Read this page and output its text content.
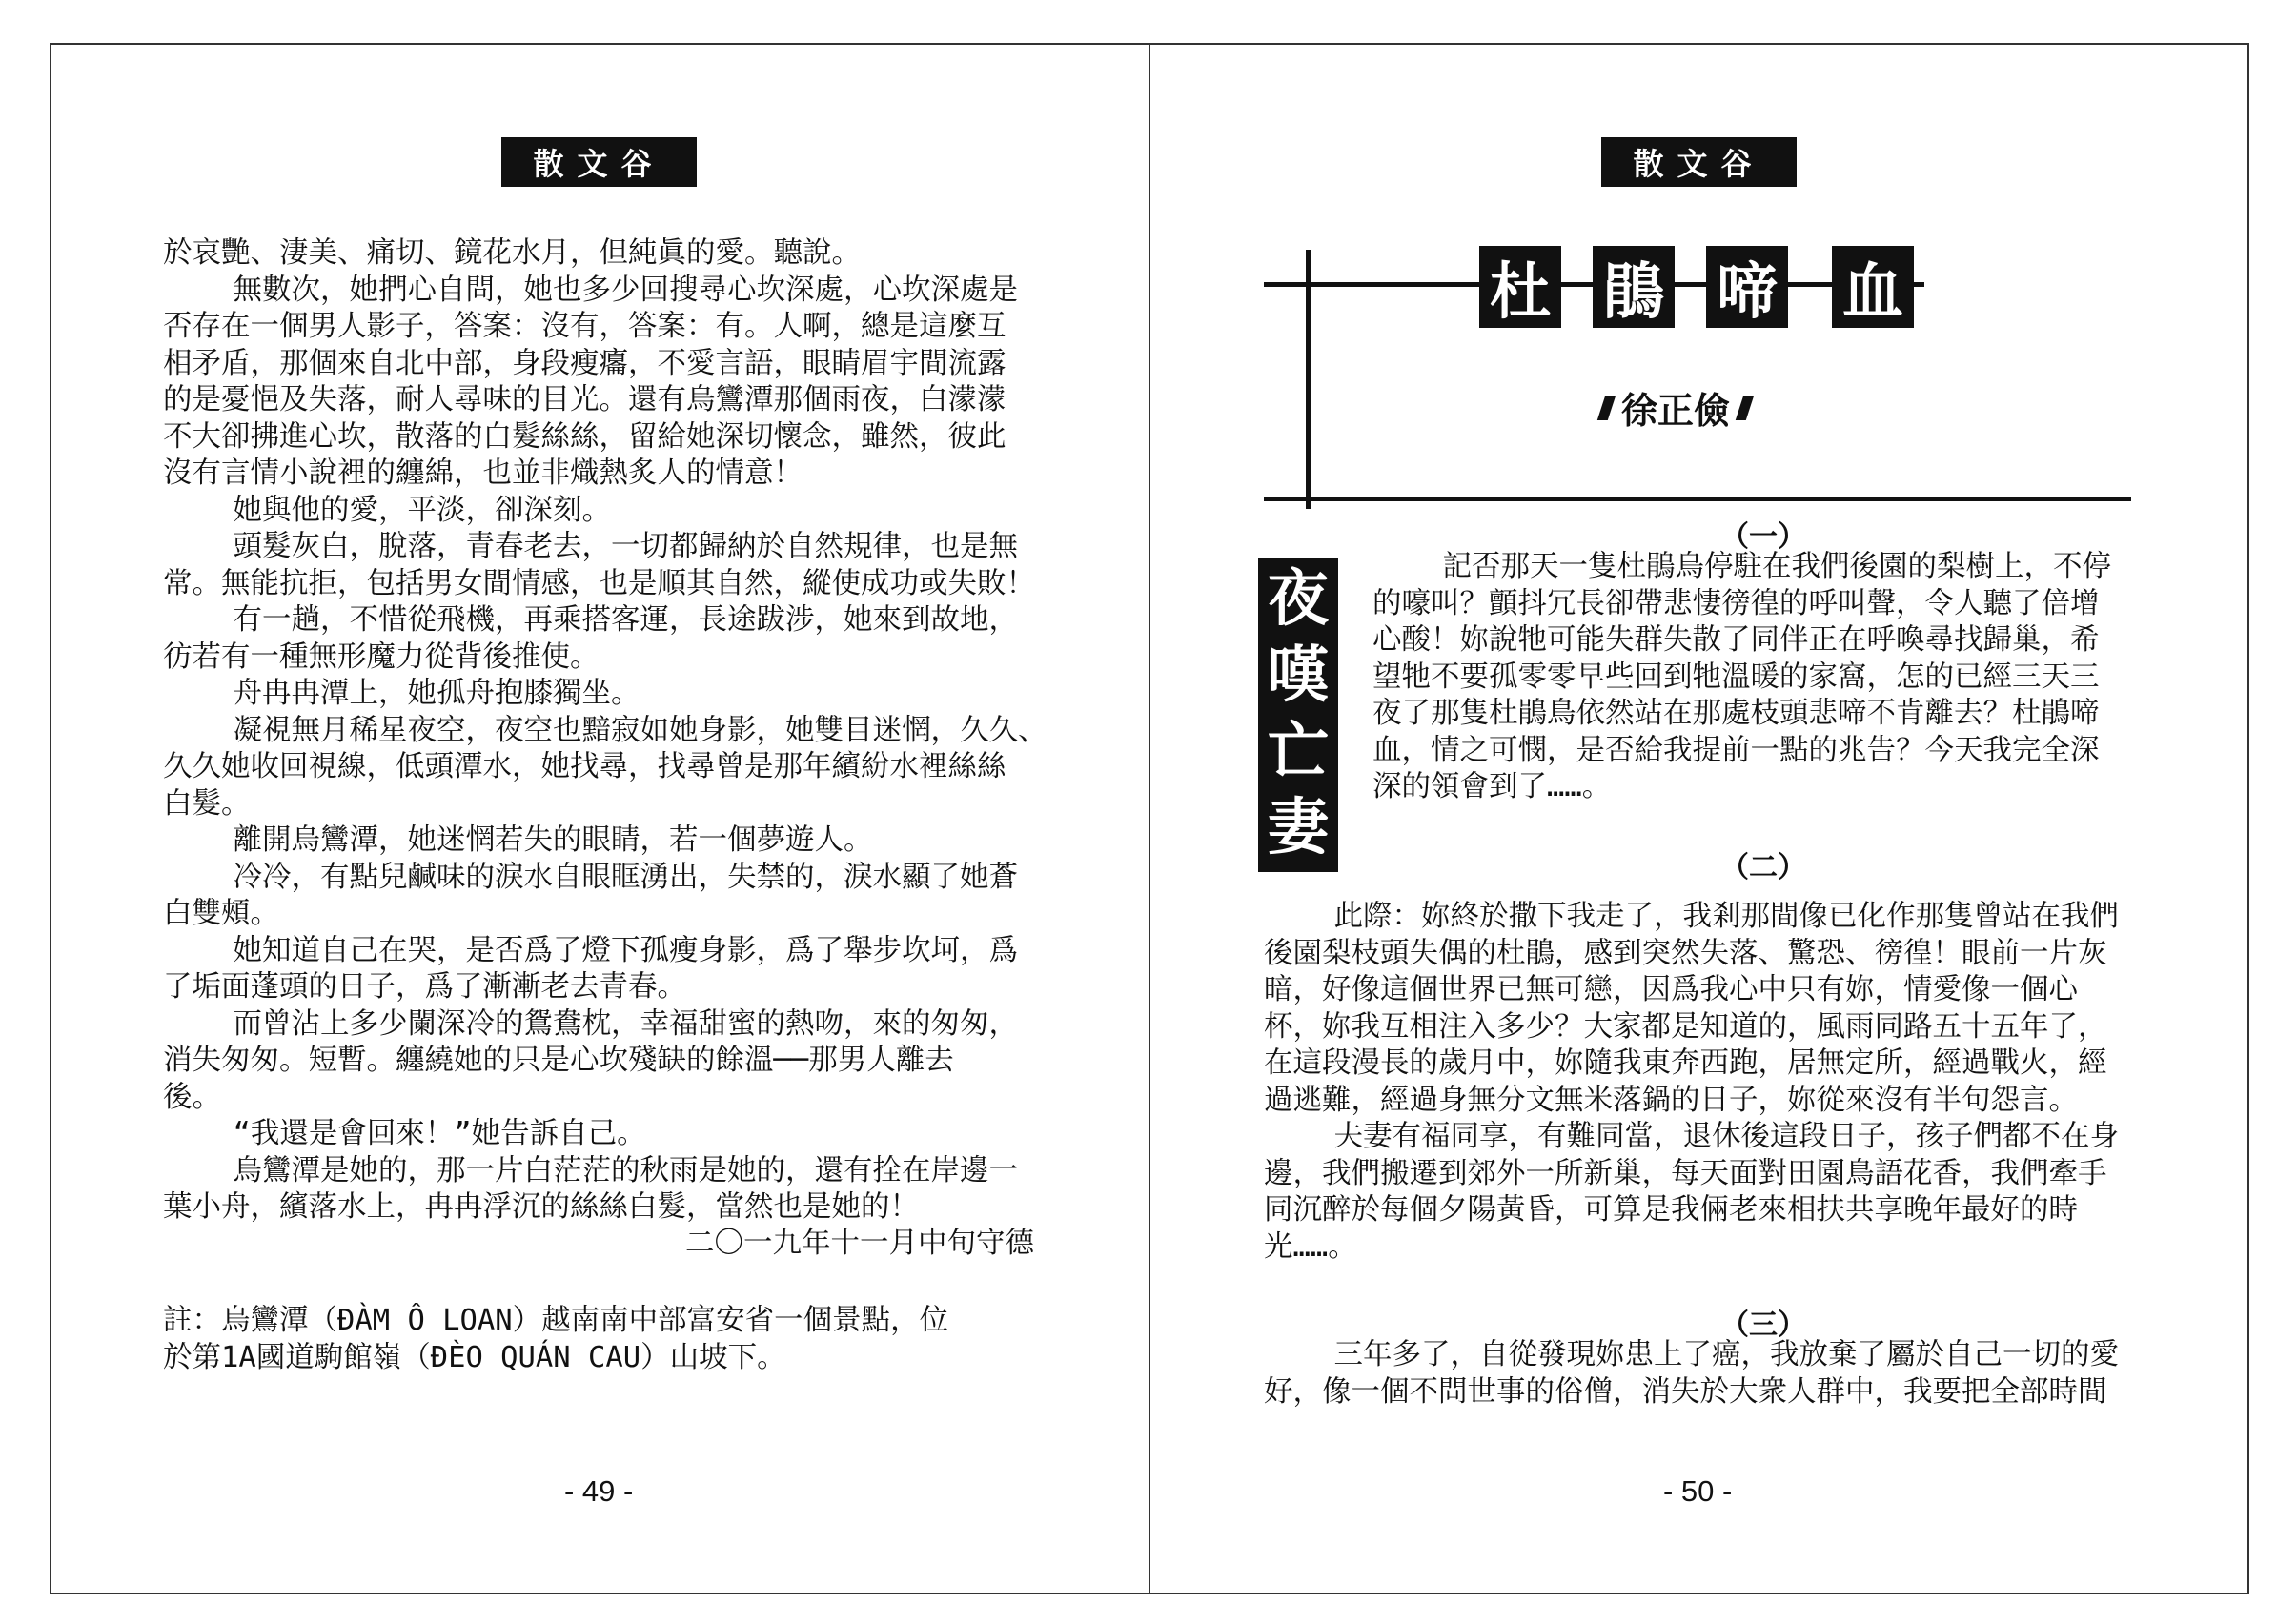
散文谷
於哀艷、淒美、痛切、鏡花水月，但純眞的愛。聽說。
無數次，她捫心自問，她也多少回搜尋心坎深處，心坎深處是
否存在一個男人影子，答案：沒有，答案：有。人啊，總是這麼互
相矛盾，那個來自北中部，身段瘦癟，不愛言語，眼睛眉宇間流露
的是憂悒及失落，耐人尋味的目光。還有烏鸞潭那個雨夜，白濛濛
不大卻拂進心坎，散落的白髮絲絲，留給她深切懷念，雖然，彼此
沒有言情小說裡的纏綿，也並非熾熱炙人的情意！
她與他的愛，平淡，卻深刻。
頭髮灰白，脫落，青春老去，一切都歸納於自然規律，也是無
常。無能抗拒，包括男女間情感，也是順其自然，縱使成功或失敗！
有一趟，不惜從飛機，再乘搭客運，長途跋涉，她來到故地，
彷若有一種無形魔力從背後推使。
舟冉冉潭上，她孤舟抱膝獨坐。
凝視無月稀星夜空，夜空也黯寂如她身影，她雙目迷惘，久久、
久久她收回視線，低頭潭水，她找尋，找尋曾是那年繽紛水裡絲絲
白髮。
離開烏鸞潭，她迷惘若失的眼睛，若一個夢遊人。
冷冷，有點兒鹹味的淚水自眼眶湧出，失禁的，淚水顯了她蒼
白雙頰。
她知道自己在哭，是否爲了燈下孤瘦身影，爲了舉步坎坷，爲
了垢面蓬頭的日子，爲了漸漸老去青春。
而曾沾上多少闌深冷的鴛鴦枕，幸福甜蜜的熱吻，來的匆匆，
消失匆匆。短暫。纏繞她的只是心坎殘缺的餘溫──那男人離去
後。
“我還是會回來！”她告訴自己。
烏鸞潭是她的，那一片白茫茫的秋雨是她的，還有拴在岸邊一
葉小舟，繽落水上，冉冉浮沉的絲絲白髮，當然也是她的！
二〇一九年十一月中旬守德
註：烏鸞潭（ĐÀM Ô LOAN）越南南中部富安省一個景點，位
於第1A國道駒館嶺（ĐÈO QUÁN CAU）山坡下。
- 49 -
散文谷
杜 鵑 啼 血
徐正儉
夜
嘆
亡
妻
（一）
記否那天一隻杜鵑鳥停駐在我們後園的梨樹上，不停
的嚎叫？顫抖冗長卻帶悲悽徬徨的呼叫聲，令人聽了倍增
心酸！妳說牠可能失群失散了同伴正在呼喚尋找歸巢，希
望牠不要孤零零早些回到牠溫暖的家窩，怎的已經三天三
夜了那隻杜鵑鳥依然站在那處枝頭悲啼不肯離去？杜鵑啼
血，情之可憫，是否給我提前一點的兆告？今天我完全深
深的領會到了……。
（二）
此際：妳終於撒下我走了，我剎那間像已化作那隻曾站在我們
後園梨枝頭失偶的杜鵑，感到突然失落、驚恐、徬徨！眼前一片灰
暗，好像這個世界已無可戀，因爲我心中只有妳，情愛像一個心
杯，妳我互相注入多少？大家都是知道的，風雨同路五十五年了，
在這段漫長的歲月中，妳隨我東奔西跑，居無定所，經過戰火，經
過逃難，經過身無分文無米落鍋的日子，妳從來沒有半句怨言。
夫妻有福同享，有難同當，退休後這段日子，孩子們都不在身
邊，我們搬遷到郊外一所新巢，每天面對田園鳥語花香，我們牽手
同沉醉於每個夕陽黃昏，可算是我倆老來相扶共享晚年最好的時
光……。
（三）
三年多了，自從發現妳患上了癌，我放棄了屬於自己一切的愛
好，像一個不問世事的俗僧，消失於大衆人群中，我要把全部時間
- 50 -
